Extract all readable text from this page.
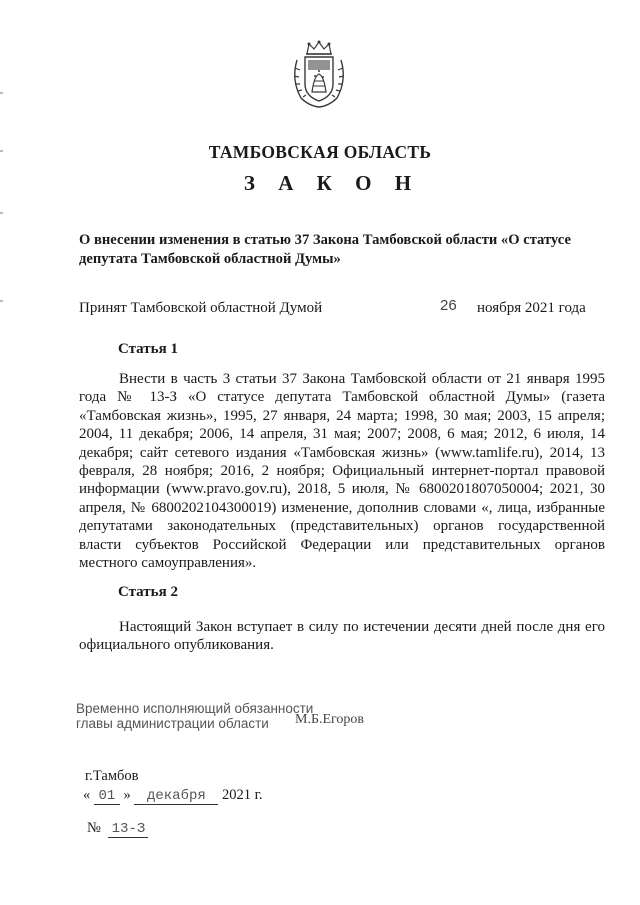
ТАМБОВСКАЯ ОБЛАСТЬ
З А К О Н
О внесении изменения в статью 37 Закона Тамбовской области «О статусе депутата Тамбовской областной Думы»
Принят Тамбовской областной Думой	26 ноября 2021 года
Статья 1
Внести в часть 3 статьи 37 Закона Тамбовской области от 21 января 1995 года № 13-З «О статусе депутата Тамбовской областной Думы» (газета «Тамбовская жизнь», 1995, 27 января, 24 марта; 1998, 30 мая; 2003, 15 апреля; 2004, 11 декабря; 2006, 14 апреля, 31 мая; 2007; 2008, 6 мая; 2012, 6 июля, 14 декабря; сайт сетевого издания «Тамбовская жизнь» (www.tamlife.ru), 2014, 13 февраля, 28 ноября; 2016, 2 ноября; Официальный интернет-портал правовой информации (www.pravo.gov.ru), 2018, 5 июля, № 6800201807050004; 2021, 30 апреля, № 6800202104300019) изменение, дополнив словами «, лица, избранные депутатами законодательных (представительных) органов государственной власти субъектов Российской Федерации или представительных органов местного самоуправления».
Статья 2
Настоящий Закон вступает в силу по истечении десяти дней после дня его официального опубликования.
Временно исполняющий обязанности
главы администрации области	М.Б.Егоров
г.Тамбов
« 01 » декабря 2021 г.
№ 13-З
